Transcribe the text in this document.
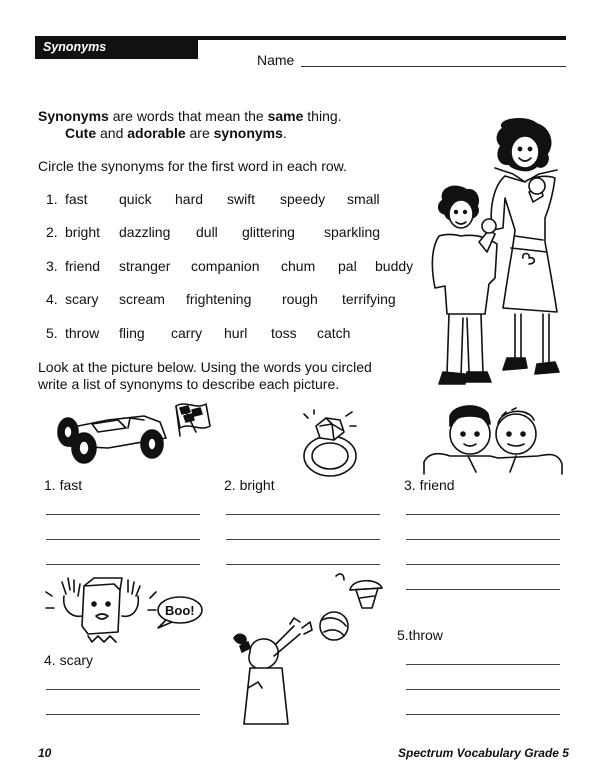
Synonyms
Name
Synonyms are words that mean the same thing.
Cute and adorable are synonyms.
Circle the synonyms for the first word in each row.
1. fast quick hard swift speedy small
2. bright dazzling dull glittering sparkling
3. friend stranger companion chum pal buddy
4. scary scream frightening rough terrifying
5. throw fling carry hurl toss catch
Look at the picture below. Using the words you circled
write a list of synonyms to describe each picture.
Boo!
1. fast	2. bright	3. friend
4. scary
5.throw
10	Spectrum Vocabulary Grade 5
